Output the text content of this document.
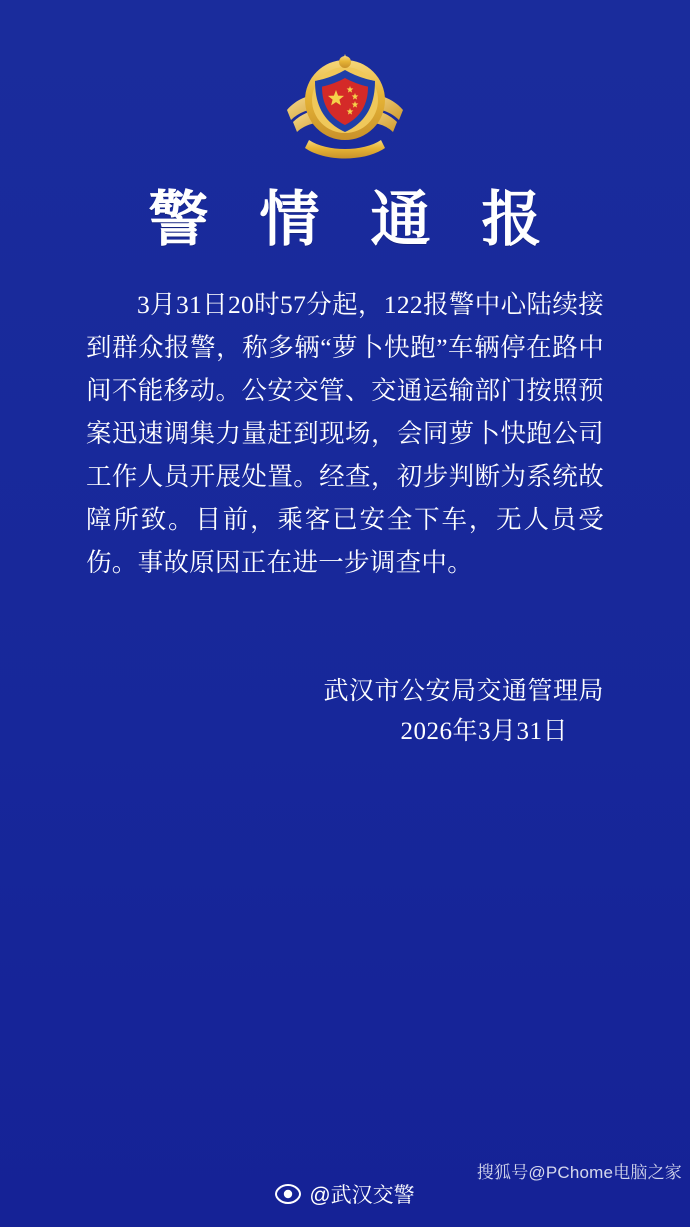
警 情 通 报
3月31日20时57分起，122报警中心陆续接到群众报警，称多辆“萝卜快跑”车辆停在路中间不能移动。公安交管、交通运输部门按照预案迅速调集力量赶到现场，会同萝卜快跑公司工作人员开展处置。经查，初步判断为系统故障所致。目前，乘客已安全下车，无人员受伤。事故原因正在进一步调查中。
武汉市公安局交通管理局
2026年3月31日
搜狐号@PChome电脑之家
@武汉交警
